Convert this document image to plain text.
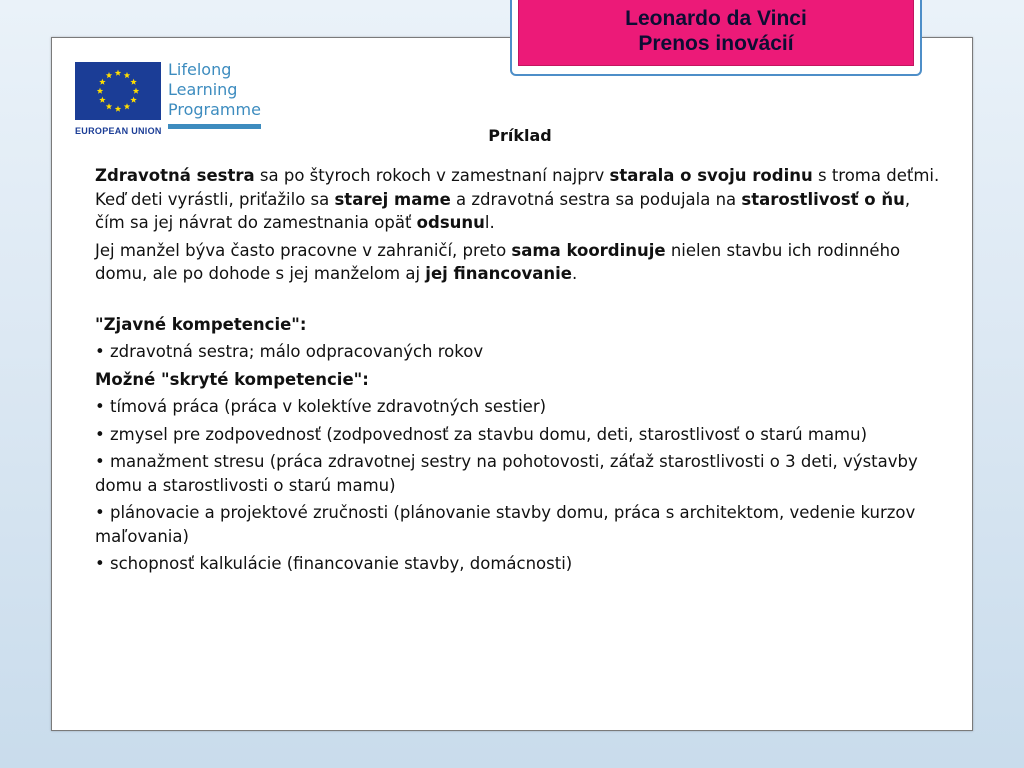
Leonardo da Vinci
Prenos inovácií
EUROPEAN UNION
Lifelong
Learning
Programme
Príklad

Zdravotná sestra sa po štyroch rokoch v zamestnaní najprv starala o svoju rodinu s troma deťmi. Keď deti vyrástli, priťažilo sa starej mame a zdravotná sestra sa podujala na starostlivosť o ňu, čím sa jej návrat do zamestnania opäť odsunul.

Jej manžel býva často pracovne v zahraničí, preto sama koordinuje nielen stavbu ich rodinného domu, ale po dohode s jej manželom aj jej financovanie.

"Zjavné kompetencie":

• zdravotná sestra; málo odpracovaných rokov

Možné "skryté kompetencie":

• tímová práca (práca v kolektíve zdravotných sestier)

• zmysel pre zodpovednosť (zodpovednosť za stavbu domu, deti, starostlivosť o starú mamu)

• manažment stresu (práca zdravotnej sestry na pohotovosti, záťaž starostlivosti o 3 deti, výstavby domu a starostlivosti o starú mamu)

• plánovacie a projektové zručnosti (plánovanie stavby domu, práca s architektom, vedenie kurzov maľovania)

• schopnosť kalkulácie (financovanie stavby, domácnosti)
